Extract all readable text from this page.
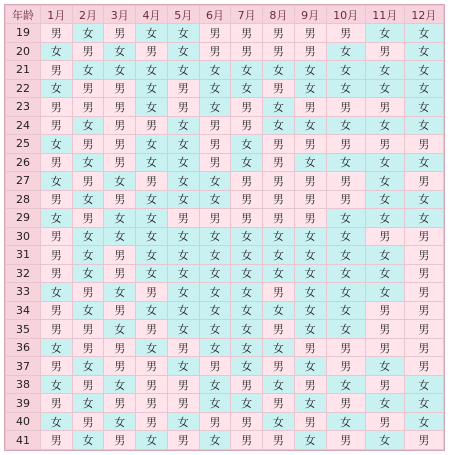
年龄	1月	2月	3月	4月	5月	6月	7月	8月	9月	10月	11月	12月
19	男	女	男	女	女	男	男	男	男	男	女	女
20	女	男	女	男	女	男	男	男	男	女	男	女
21	男	女	女	女	女	女	女	女	女	女	女	女
22	女	男	男	女	男	女	女	男	女	女	女	女
23	男	男	男	女	男	女	男	女	男	男	男	女
24	男	女	男	男	女	男	男	女	女	女	女	女
25	女	男	男	女	女	男	女	男	男	男	男	男
26	男	女	男	女	女	男	女	男	女	女	女	女
27	女	男	女	男	女	女	男	男	男	男	女	男
28	男	女	男	女	女	女	男	男	男	男	女	女
29	女	男	女	女	男	男	男	男	男	女	女	女
30	男	女	女	女	女	女	女	女	女	女	男	男
31	男	女	男	女	女	女	女	女	女	女	女	男
32	男	女	男	女	女	女	女	女	女	女	女	男
33	女	男	女	男	女	女	女	男	女	女	女	男
34	男	女	男	女	女	女	女	女	女	女	男	男
35	男	男	女	男	女	女	女	男	女	女	男	男
36	女	男	男	女	男	女	女	女	男	男	男	男
37	男	女	男	男	女	男	女	男	女	男	女	男
38	女	男	女	男	男	女	男	女	男	女	男	女
39	男	女	男	男	男	女	女	男	女	男	女	女
40	女	男	女	男	女	男	男	女	男	女	男	女
41	男	女	男	女	男	女	男	男	女	男	女	男
